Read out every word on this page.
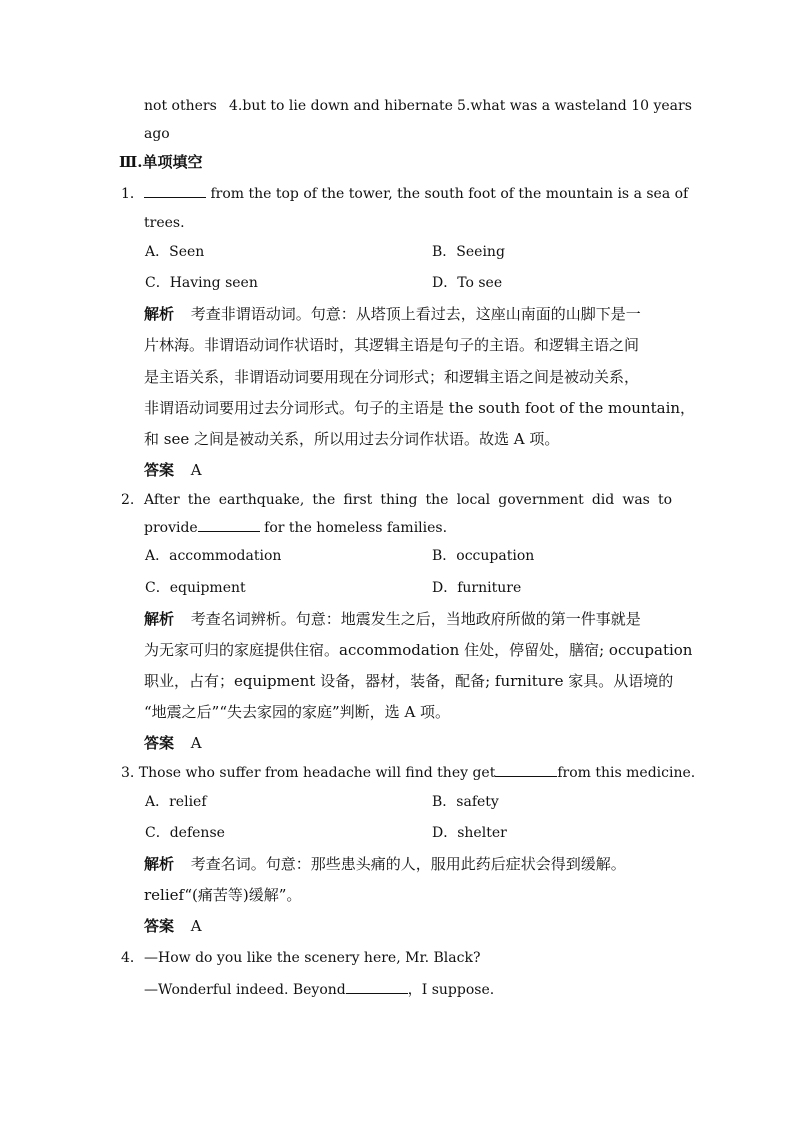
not others 4.but to lie down and hibernate 5.what was a wasteland 10 years
ago
Ⅲ.单项填空
1．	from the top of the tower, the south foot of the mountain is a sea of
trees.
A．Seen	B．Seeing
C．Having seen	D．To see
解析 考查非谓语动词。句意：从塔顶上看过去，这座山南面的山脚下是一
片林海。非谓语动词作状语时，其逻辑主语是句子的主语。和逻辑主语之间
是主语关系，非谓语动词要用现在分词形式；和逻辑主语之间是被动关系，
非谓语动词要用过去分词形式。句子的主语是 the south foot of the mountain，
和 see 之间是被动关系，所以用过去分词作状语。故选 A 项。
答案 A
2. After the earthquake, the first thing the local government did was to
provide	for the homeless families.
A．accommodation	B．occupation
C．equipment	D．furniture
解析 考查名词辨析。句意：地震发生之后，当地政府所做的第一件事就是
为无家可归的家庭提供住宿。accommodation 住处，停留处，膳宿; occupation
职业，占有；equipment 设备，器材，装备，配备; furniture 家具。从语境的
“地震之后”“失去家园的家庭”判断，选 A 项。
答案 A
3. Those who suffer from headache will find they get	from this medicine.
A．relief	B．safety
C．defense	D．shelter
解析 考查名词。句意：那些患头痛的人，服用此药后症状会得到缓解。
relief“(痛苦等)缓解”。
答案 A
4． —How do you like the scenery here, Mr. Black?
—Wonderful indeed. Beyond	，I suppose.
